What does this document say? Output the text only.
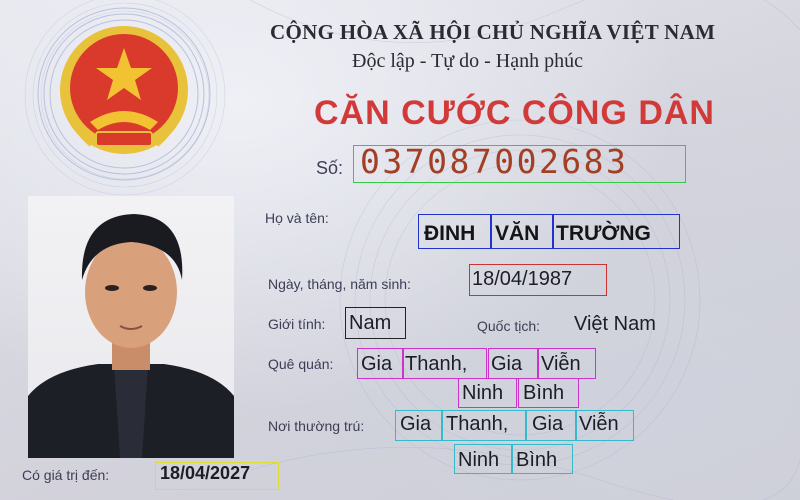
CỘNG HÒA XÃ HỘI CHỦ NGHĨA VIỆT NAM
Độc lập - Tự do - Hạnh phúc
CĂN CƯỚC CÔNG DÂN
Số: 037087002683
Họ và tên:
ĐINH VĂN TRƯỜNG
Ngày, tháng, năm sinh:	18/04/1987
Giới tính: Nam	Quốc tịch: Việt Nam
Quê quán: Gia Thanh, Gia Viễn
Ninh Bình
Nơi thường trú: Gia Thanh, Gia Viễn
Ninh Bình
Có giá trị đến:	18/04/2027
